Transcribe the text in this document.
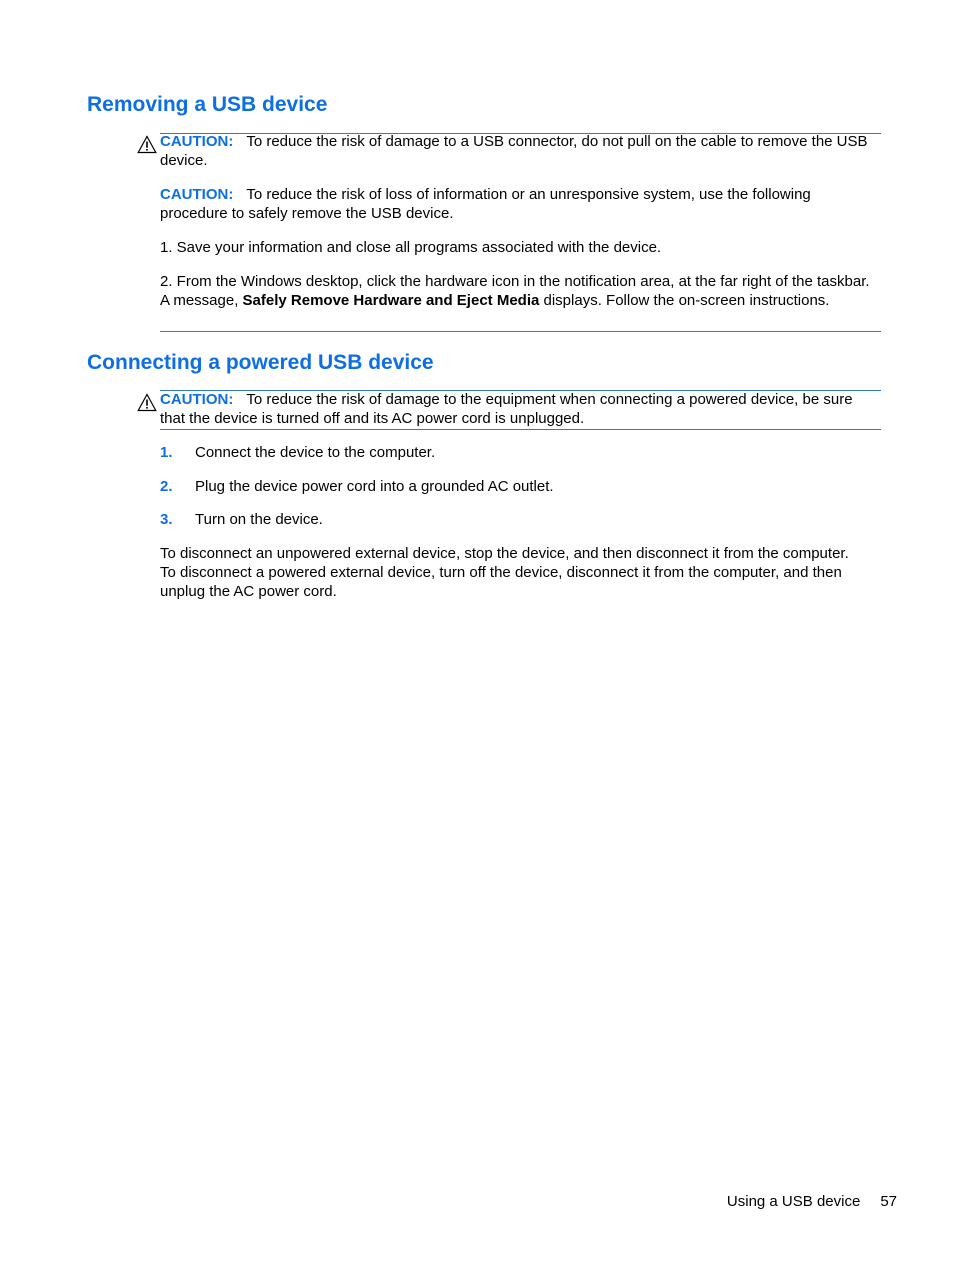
Removing a USB device

CAUTION: To reduce the risk of damage to a USB connector, do not pull on the cable to remove the USB device.

CAUTION: To reduce the risk of loss of information or an unresponsive system, use the following procedure to safely remove the USB device.

1. Save your information and close all programs associated with the device.

2. From the Windows desktop, click the hardware icon in the notification area, at the far right of the taskbar. A message, Safely Remove Hardware and Eject Media displays. Follow the on-screen instructions.

Connecting a powered USB device

CAUTION: To reduce the risk of damage to the equipment when connecting a powered device, be sure that the device is turned off and its AC power cord is unplugged.

1. Connect the device to the computer.
2. Plug the device power cord into a grounded AC outlet.
3. Turn on the device.

To disconnect an unpowered external device, stop the device, and then disconnect it from the computer. To disconnect a powered external device, turn off the device, disconnect it from the computer, and then unplug the AC power cord.

Using a USB device 57
